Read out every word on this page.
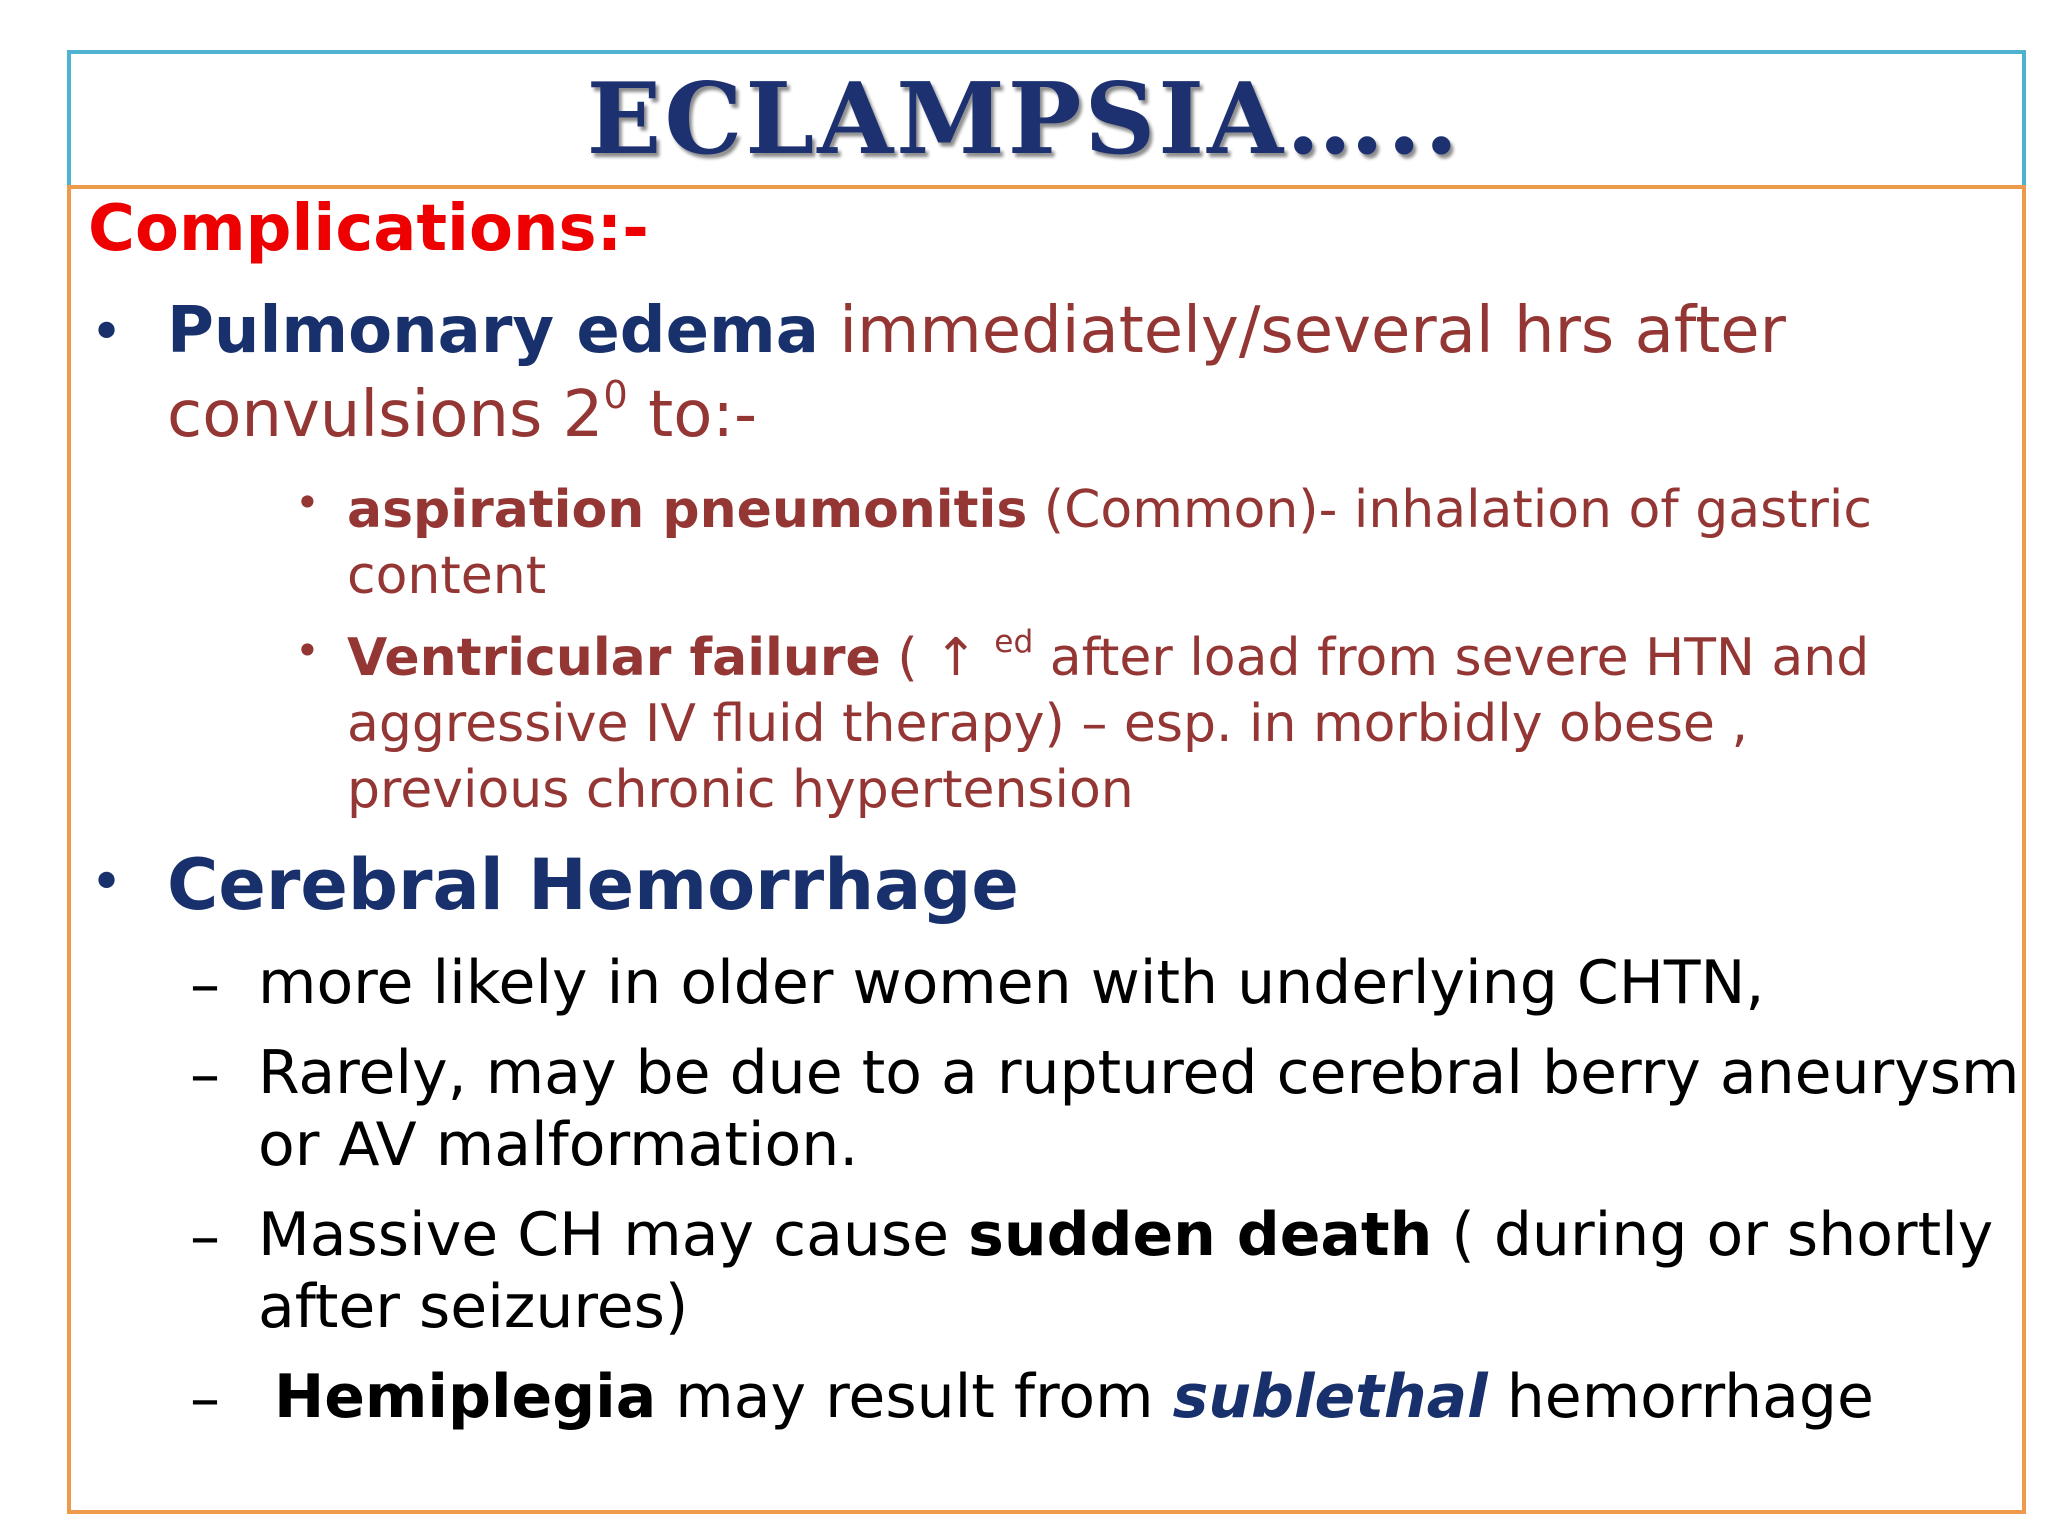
ECLAMPSIA…..
Complications:-
• Pulmonary edema immediately/several hrs after
convulsions $2^0$ to:-
• aspiration pneumonitis (Common)- inhalation of gastric
content
• Ventricular failure ( ↑ $^{ed}$ after load from severe HTN and
aggressive IV fluid therapy) – esp. in morbidly obese ,
previous chronic hypertension
• Cerebral Hemorrhage
– more likely in older women with underlying CHTN,
– Rarely, may be due to a ruptured cerebral berry aneurysm
or AV malformation.
– Massive CH may cause sudden death ( during or shortly
after seizures)
– Hemiplegia may result from sublethal hemorrhage
